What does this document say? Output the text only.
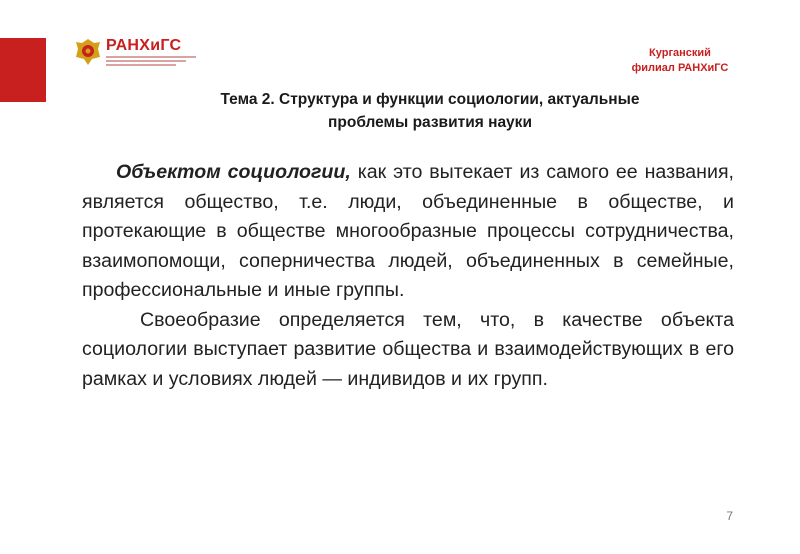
РАНХиГС	Курганский
филиал РАНХиГС
Тема 2. Структура и функции социологии, актуальные
проблемы развития науки

Объектом социологии, как это вытекает из самого ее названия, является общество, т.е. люди, объединенные в обществе, и протекающие в обществе многообразные процессы сотрудничества, взаимопомощи, соперничества людей, объединенных в семейные, профессиональные и иные группы.

Своеобразие определяется тем, что, в качестве объекта социологии выступает развитие общества и взаимодействующих в его рамках и условиях людей — индивидов и их групп.

7
